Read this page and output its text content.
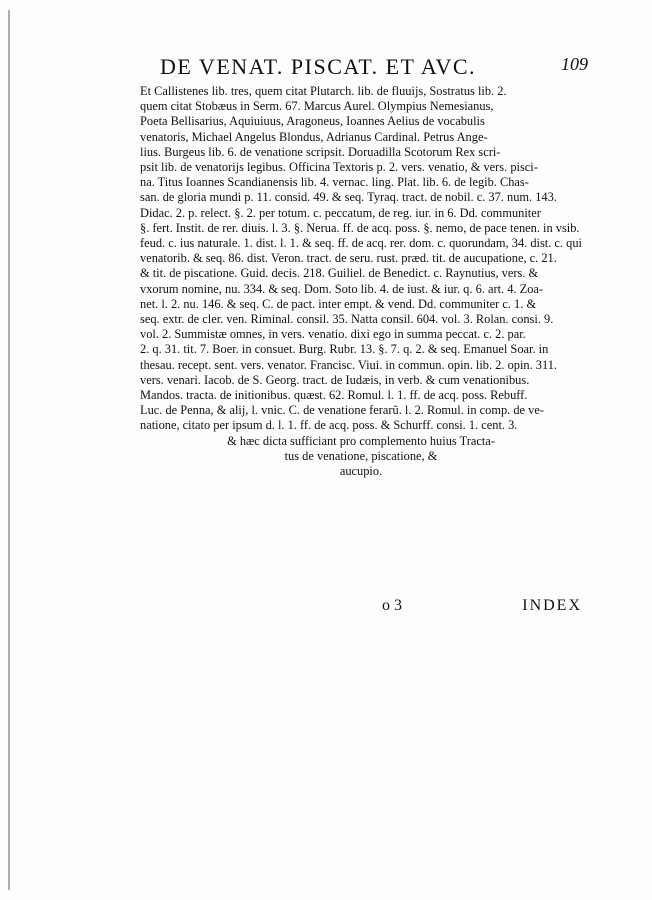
DE VENAT. PISCAT. ET AVC.	109
Et Callistenes lib. tres, quem citat Plutarch. lib. de fluuijs, Sostratus lib. 2.
quem citat Stobæus in Serm. 67. Marcus Aurel. Olympius Nemesianus,
Poeta Bellisarius, Aquiuiuus, Aragoneus, Ioannes Aelius de vocabulis
venatoris, Michael Angelus Blondus, Adrianus Cardinal. Petrus Ange-
lius. Burgeus lib. 6. de venatione scripsit. Doruadilla Scotorum Rex scri-
psit lib. de venatorijs legibus. Officina Textoris p. 2. vers. venatio, & vers. pisci-
na. Titus Ioannes Scandianensis lib. 4. vernac. ling. Plat. lib. 6. de legib. Chas-
san. de gloria mundi p. 11. consid. 49. & seq. Tyraq. tract. de nobil. c. 37. num. 143.
Didac. 2. p. relect. §. 2. per totum. c. peccatum, de reg. iur. in 6. Dd. communiter
§. fert. Instit. de rer. diuis. l. 3. §. Nerua. ff. de acq. poss. §. nemo, de pace tenen. in vsib.
feud. c. ius naturale. 1. dist. l. 1. & seq. ff. de acq. rer. dom. c. quorundam, 34. dist. c. qui
venatorib. & seq. 86. dist. Veron. tract. de seru. rust. præd. tit. de aucupatione, c. 21.
& tit. de piscatione. Guid. decis. 218. Guiliel. de Benedict. c. Raynutius, vers. &
vxorum nomine, nu. 334. & seq. Dom. Soto lib. 4. de iust. & iur. q. 6. art. 4. Zoa-
net. l. 2. nu. 146. & seq. C. de pact. inter empt. & vend. Dd. communiter c. 1. &
seq. extr. de cler. ven. Riminal. consil. 35. Natta consil. 604. vol. 3. Rolan. consi. 9.
vol. 2. Summistæ omnes, in vers. venatio. dixi ego in summa peccat. c. 2. par.
2. q. 31. tit. 7. Boer. in consuet. Burg. Rubr. 13. §. 7. q. 2. & seq. Emanuel Soar. in
thesau. recept. sent. vers. venator. Francisc. Viui. in commun. opin. lib. 2. opin. 311.
vers. venari. Iacob. de S. Georg. tract. de Iudæis, in verb. & cum venationibus.
Mandos. tracta. de initionibus. quæst. 62. Romul. l. 1. ff. de acq. poss. Rebuff.
Luc. de Penna, & alij, l. vnic. C. de venatione ferarũ. l. 2. Romul. in comp. de ve-
natione, citato per ipsum d. l. 1. ff. de acq. poss. & Schurff. consi. 1. cent. 3.
& hæc dicta sufficiant pro complemento huius Tracta-
tus de venatione, piscatione, &
aucupio.
o 3	INDEX
